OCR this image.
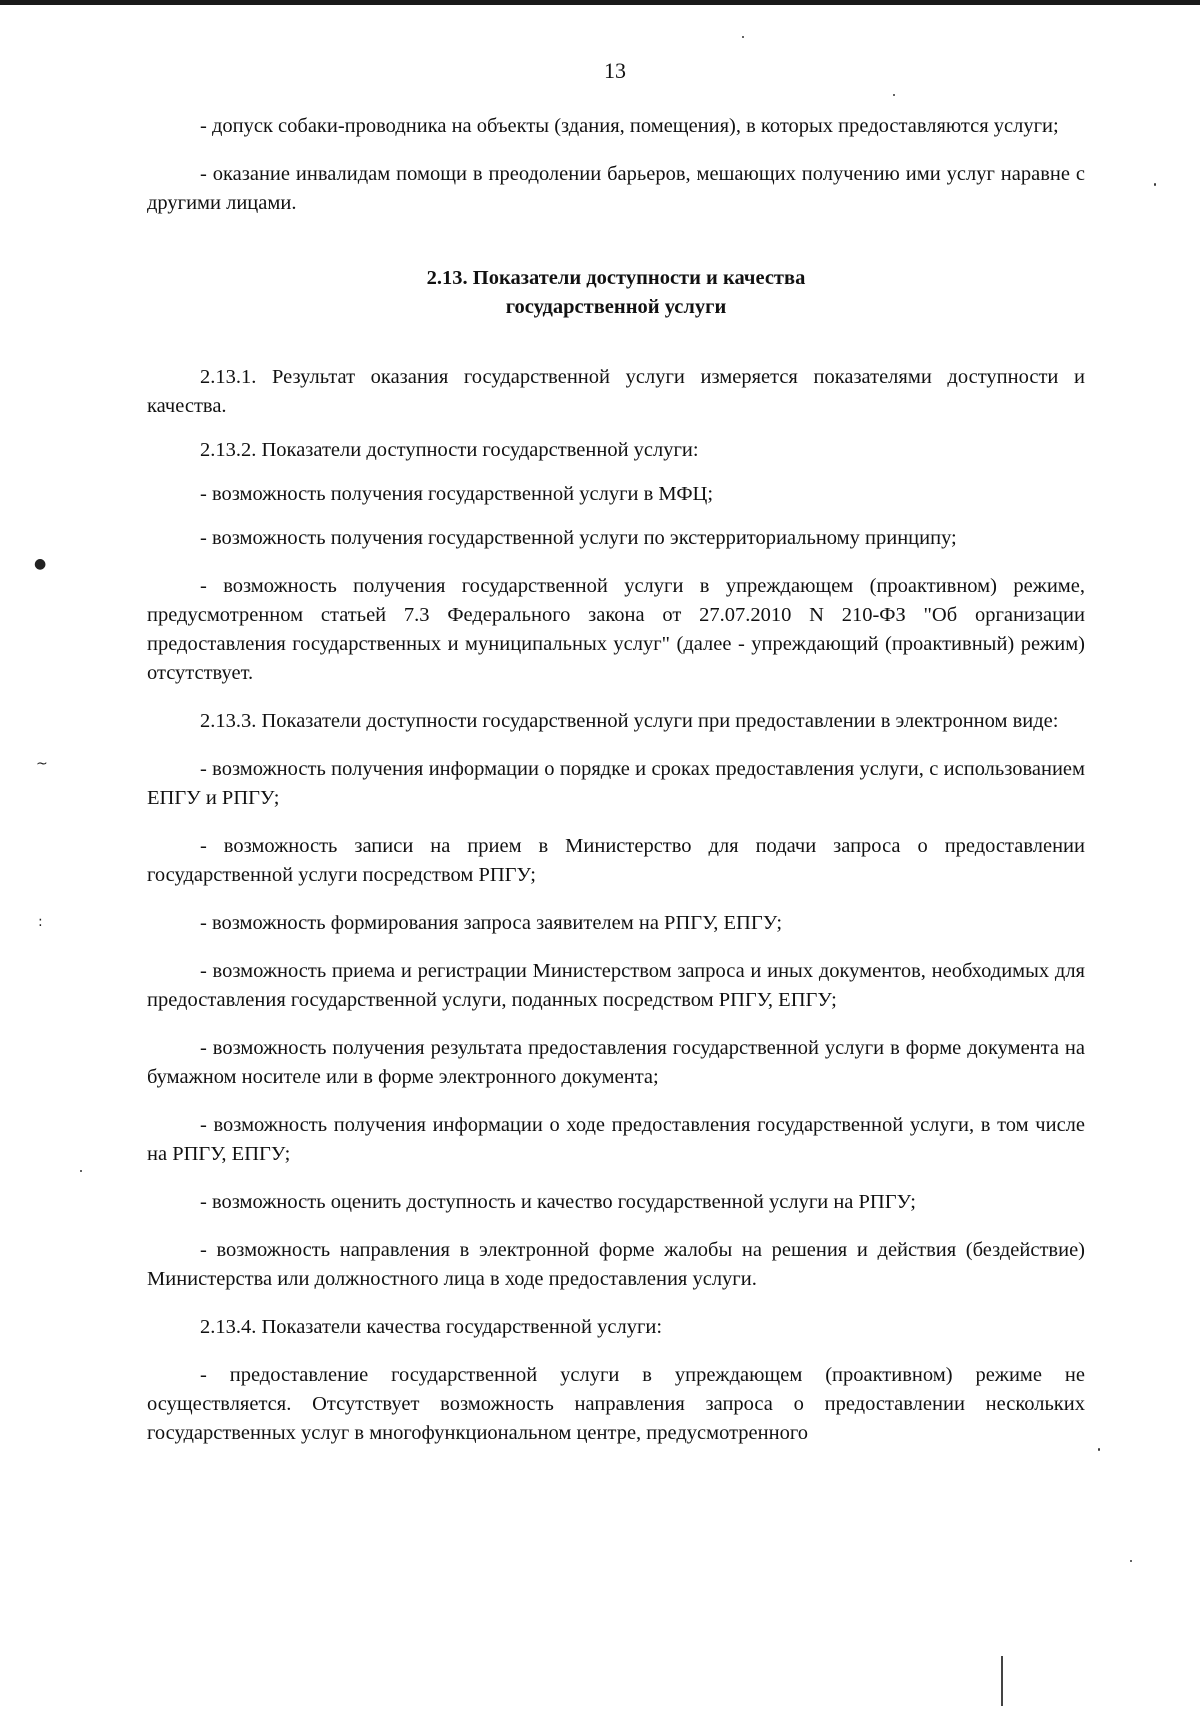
13

- допуск собаки-проводника на объекты (здания, помещения), в которых предоставляются услуги;

- оказание инвалидам помощи в преодолении барьеров, мешающих получению ими услуг наравне с другими лицами.

2.13. Показатели доступности и качества
государственной услуги

2.13.1. Результат оказания государственной услуги измеряется показателями доступности и качества.

2.13.2. Показатели доступности государственной услуги:

- возможность получения государственной услуги в МФЦ;

- возможность получения государственной услуги по экстерриториальному принципу;

- возможность получения государственной услуги в упреждающем (проактивном) режиме, предусмотренном статьей 7.3 Федерального закона от 27.07.2010 N 210-ФЗ "Об организации предоставления государственных и муниципальных услуг" (далее - упреждающий (проактивный) режим) отсутствует.

2.13.3. Показатели доступности государственной услуги при предоставлении в электронном виде:

- возможность получения информации о порядке и сроках предоставления услуги, с использованием ЕПГУ и РПГУ;

- возможность записи на прием в Министерство для подачи запроса о предоставлении государственной услуги посредством РПГУ;

- возможность формирования запроса заявителем на РПГУ, ЕПГУ;

- возможность приема и регистрации Министерством запроса и иных документов, необходимых для предоставления государственной услуги, поданных посредством РПГУ, ЕПГУ;

- возможность получения результата предоставления государственной услуги в форме документа на бумажном носителе или в форме электронного документа;

- возможность получения информации о ходе предоставления государственной услуги, в том числе на РПГУ, ЕПГУ;

- возможность оценить доступность и качество государственной услуги на РПГУ;

- возможность направления в электронной форме жалобы на решения и действия (бездействие) Министерства или должностного лица в ходе предоставления услуги.

2.13.4. Показатели качества государственной услуги:

- предоставление государственной услуги в упреждающем (проактивном) режиме не осуществляется. Отсутствует возможность направления запроса о предоставлении нескольких государственных услуг в многофункциональном центре, предусмотренного

●
~
:
